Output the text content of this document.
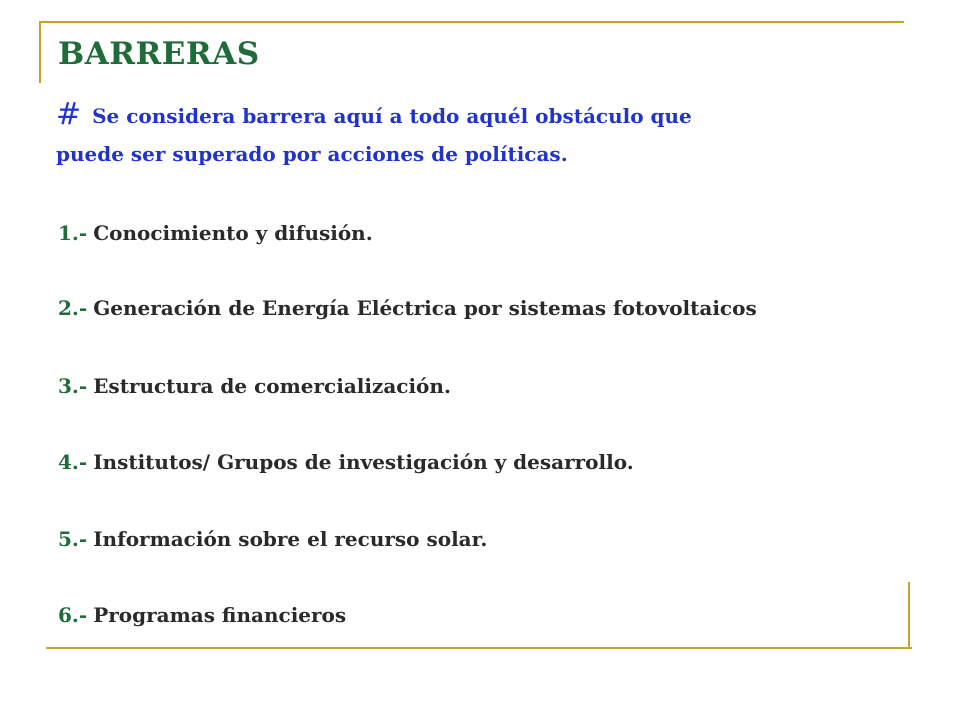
BARRERAS

# Se considera barrera aquí a todo aquél obstáculo que
puede ser superado por acciones de políticas.

1.- Conocimiento y difusión.
2.- Generación de Energía Eléctrica por sistemas fotovoltaicos
3.- Estructura de comercialización.
4.- Institutos/ Grupos de investigación y desarrollo.
5.- Información sobre el recurso solar.
6.- Programas financieros
